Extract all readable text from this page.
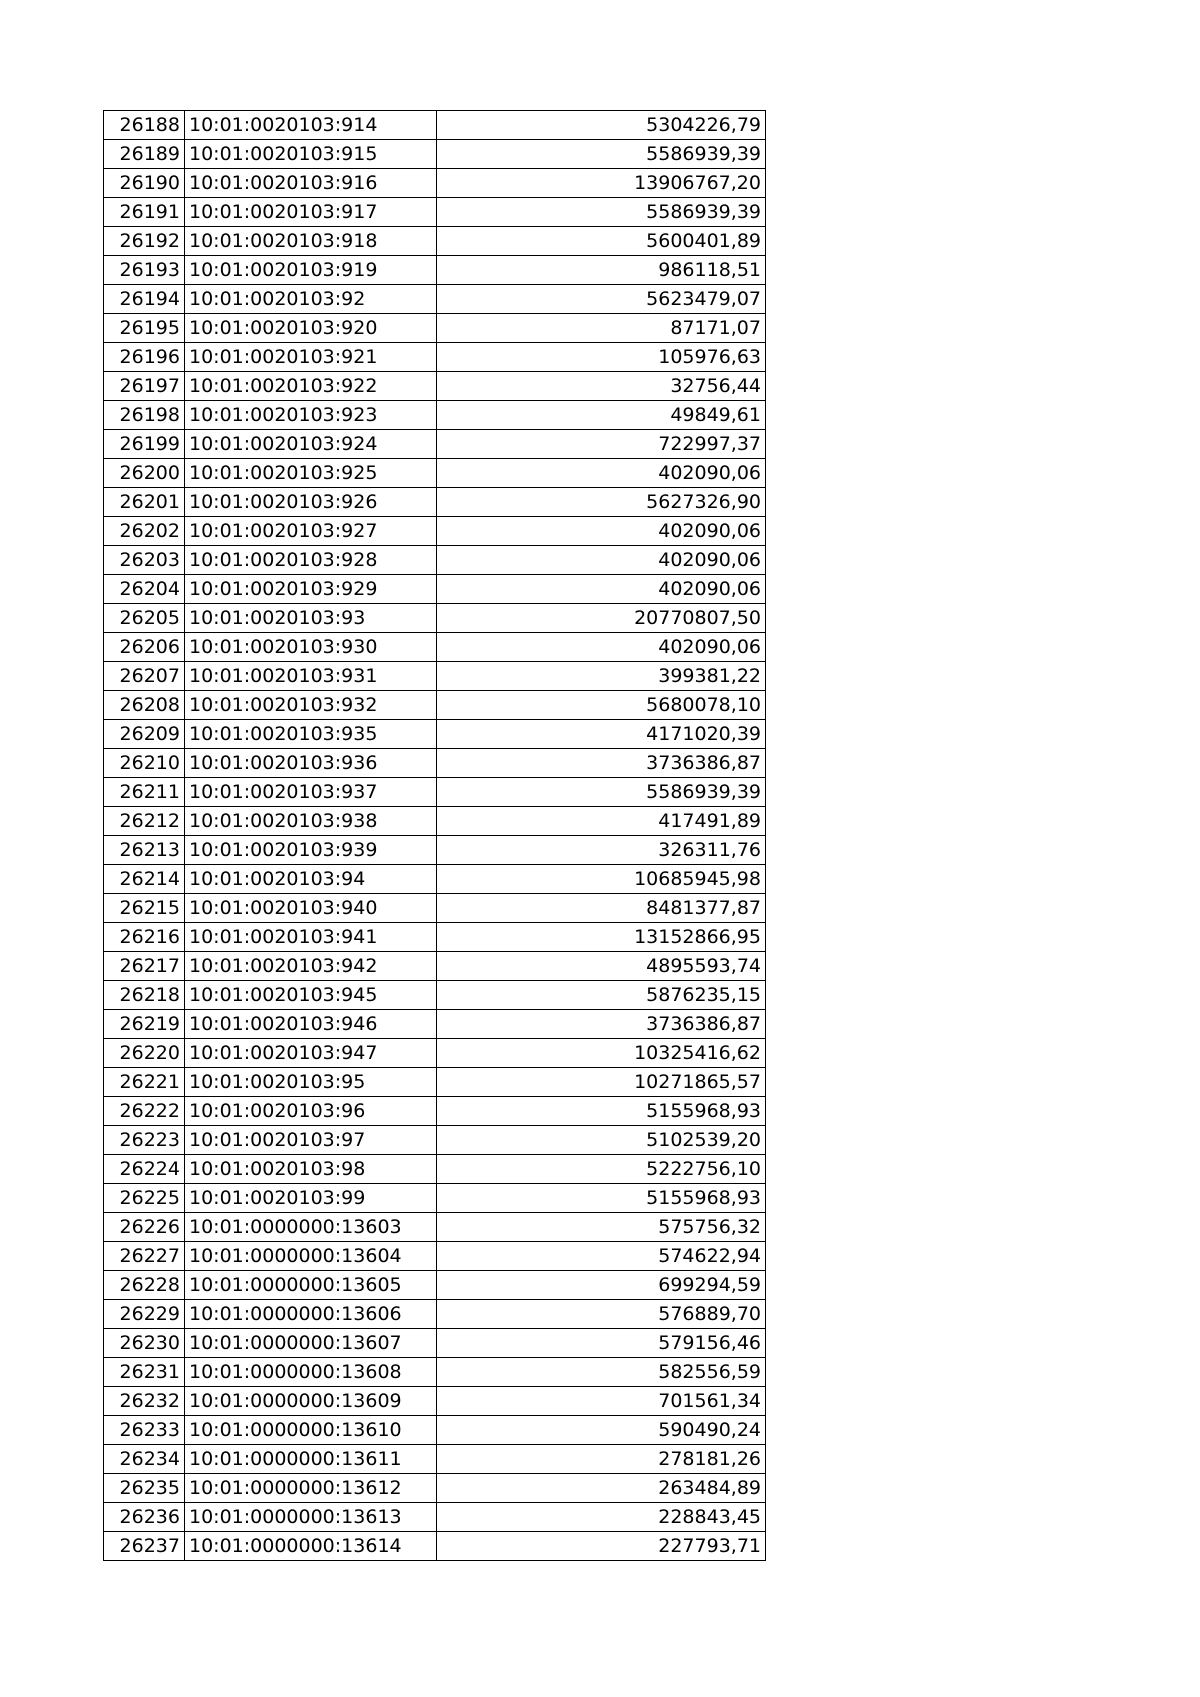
26188	10:01:0020103:914	5304226,79
26189	10:01:0020103:915	5586939,39
26190	10:01:0020103:916	13906767,20
26191	10:01:0020103:917	5586939,39
26192	10:01:0020103:918	5600401,89
26193	10:01:0020103:919	986118,51
26194	10:01:0020103:92	5623479,07
26195	10:01:0020103:920	87171,07
26196	10:01:0020103:921	105976,63
26197	10:01:0020103:922	32756,44
26198	10:01:0020103:923	49849,61
26199	10:01:0020103:924	722997,37
26200	10:01:0020103:925	402090,06
26201	10:01:0020103:926	5627326,90
26202	10:01:0020103:927	402090,06
26203	10:01:0020103:928	402090,06
26204	10:01:0020103:929	402090,06
26205	10:01:0020103:93	20770807,50
26206	10:01:0020103:930	402090,06
26207	10:01:0020103:931	399381,22
26208	10:01:0020103:932	5680078,10
26209	10:01:0020103:935	4171020,39
26210	10:01:0020103:936	3736386,87
26211	10:01:0020103:937	5586939,39
26212	10:01:0020103:938	417491,89
26213	10:01:0020103:939	326311,76
26214	10:01:0020103:94	10685945,98
26215	10:01:0020103:940	8481377,87
26216	10:01:0020103:941	13152866,95
26217	10:01:0020103:942	4895593,74
26218	10:01:0020103:945	5876235,15
26219	10:01:0020103:946	3736386,87
26220	10:01:0020103:947	10325416,62
26221	10:01:0020103:95	10271865,57
26222	10:01:0020103:96	5155968,93
26223	10:01:0020103:97	5102539,20
26224	10:01:0020103:98	5222756,10
26225	10:01:0020103:99	5155968,93
26226	10:01:0000000:13603	575756,32
26227	10:01:0000000:13604	574622,94
26228	10:01:0000000:13605	699294,59
26229	10:01:0000000:13606	576889,70
26230	10:01:0000000:13607	579156,46
26231	10:01:0000000:13608	582556,59
26232	10:01:0000000:13609	701561,34
26233	10:01:0000000:13610	590490,24
26234	10:01:0000000:13611	278181,26
26235	10:01:0000000:13612	263484,89
26236	10:01:0000000:13613	228843,45
26237	10:01:0000000:13614	227793,71
